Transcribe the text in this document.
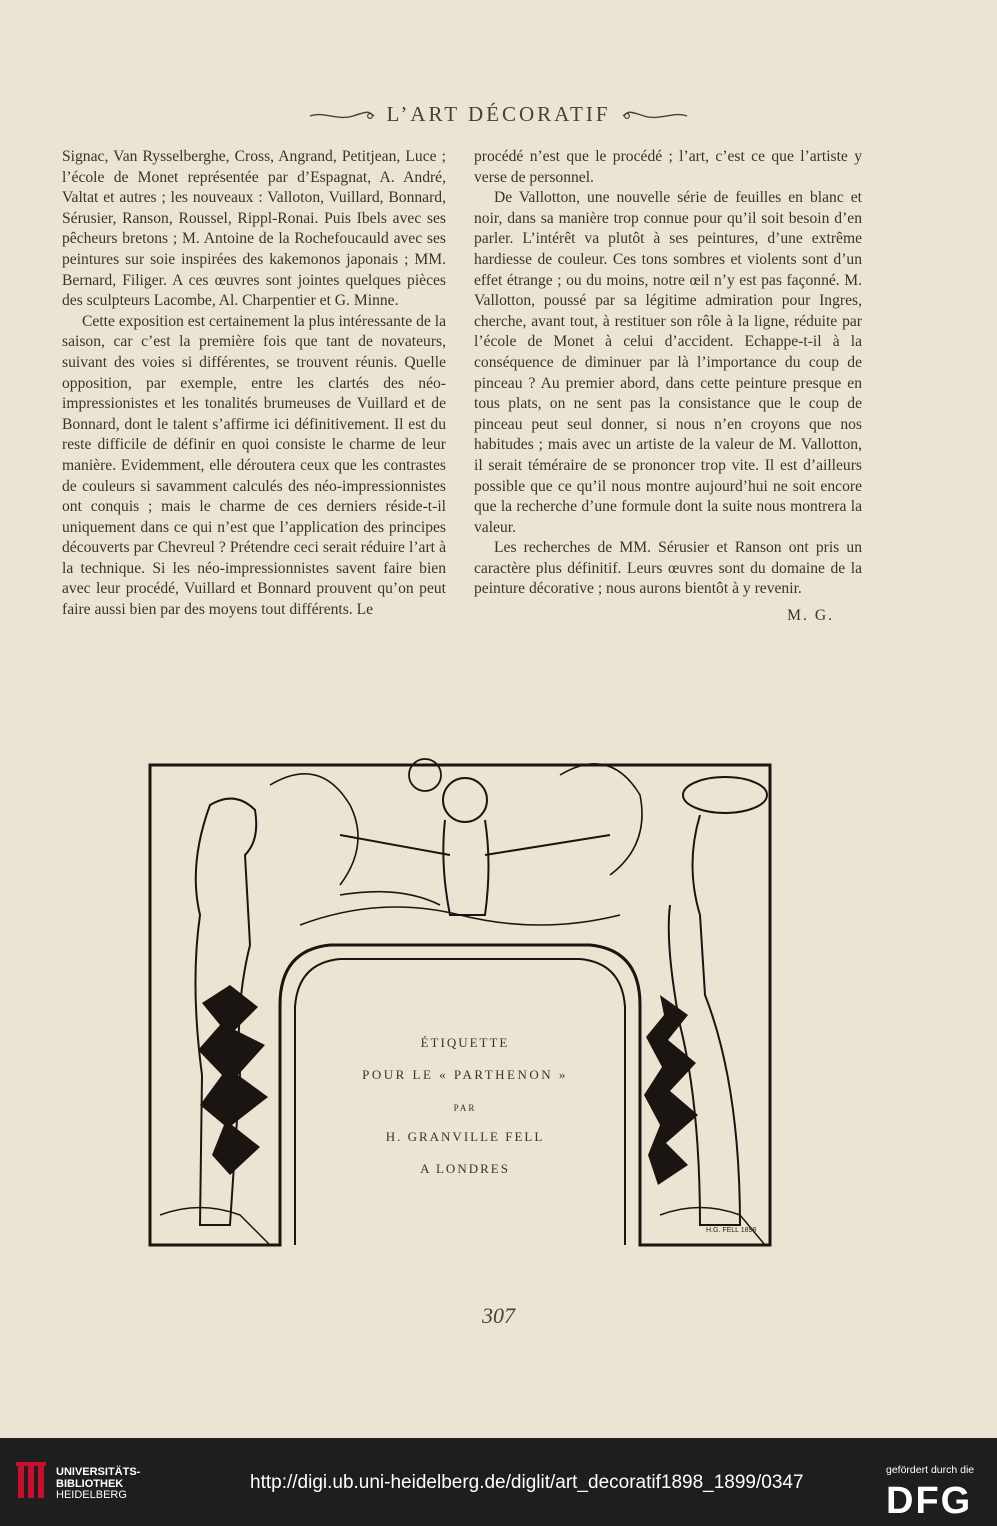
L’ART DÉCORATIF

Signac, Van Rysselberghe, Cross, Angrand, Petitjean, Luce ; l’école de Monet représentée par d’Espagnat, A. André, Valtat et autres ; les nouveaux : Valloton, Vuillard, Bonnard, Sérusier, Ranson, Roussel, Rippl-Ronai. Puis Ibels avec ses pêcheurs bretons ; M. Antoine de la Rochefoucauld avec ses peintures sur soie inspirées des kakemonos japonais ; MM. Bernard, Filiger. A ces œuvres sont jointes quelques pièces des sculpteurs Lacombe, Al. Charpentier et G. Minne.

Cette exposition est certainement la plus intéressante de la saison, car c’est la première fois que tant de novateurs, suivant des voies si différentes, se trouvent réunis. Quelle opposition, par exemple, entre les clartés des néo-impressionistes et les tonalités brumeuses de Vuillard et de Bonnard, dont le talent s’affirme ici définitivement. Il est du reste difficile de définir en quoi consiste le charme de leur manière. Evidemment, elle déroutera ceux que les contrastes de couleurs si savamment calculés des néo-impressionnistes ont conquis ; mais le charme de ces derniers réside-t-il uniquement dans ce qui n’est que l’application des principes découverts par Chevreul ? Prétendre ceci serait réduire l’art à la technique. Si les néo-impressionnistes savent faire bien avec leur procédé, Vuillard et Bonnard prouvent qu’on peut faire aussi bien par des moyens tout différents. Le

procédé n’est que le procédé ; l’art, c’est ce que l’artiste y verse de personnel.

De Vallotton, une nouvelle série de feuilles en blanc et noir, dans sa manière trop connue pour qu’il soit besoin d’en parler. L’intérêt va plutôt à ses peintures, d’une extrême hardiesse de couleur. Ces tons sombres et violents sont d’un effet étrange ; ou du moins, notre œil n’y est pas façonné. M. Vallotton, poussé par sa légitime admiration pour Ingres, cherche, avant tout, à restituer son rôle à la ligne, réduite par l’école de Monet à celui d’accident. Echappe-t-il à la conséquence de diminuer par là l’importance du coup de pinceau ? Au premier abord, dans cette peinture presque en tous plats, on ne sent pas la consistance que le coup de pinceau peut seul donner, si nous n’en croyons que nos habitudes ; mais avec un artiste de la valeur de M. Vallotton, il serait téméraire de se prononcer trop vite. Il est d’ailleurs possible que ce qu’il nous montre aujourd’hui ne soit encore que la recherche d’une formule dont la suite nous montrera la valeur.

Les recherches de MM. Sérusier et Ranson ont pris un caractère plus définitif. Leurs œuvres sont du domaine de la peinture décorative ; nous aurons bientôt à y revenir.

M. G.
ÉTIQUETTE
POUR LE « PARTHENON »
PAR
H. GRANVILLE FELL
A LONDRES
H.G. FELL 1898
307
UNIVERSITÄTS-
BIBLIOTHEK
HEIDELBERG
http://digi.ub.uni-heidelberg.de/diglit/art_decoratif1898_1899/0347
gefördert durch die
DFG
